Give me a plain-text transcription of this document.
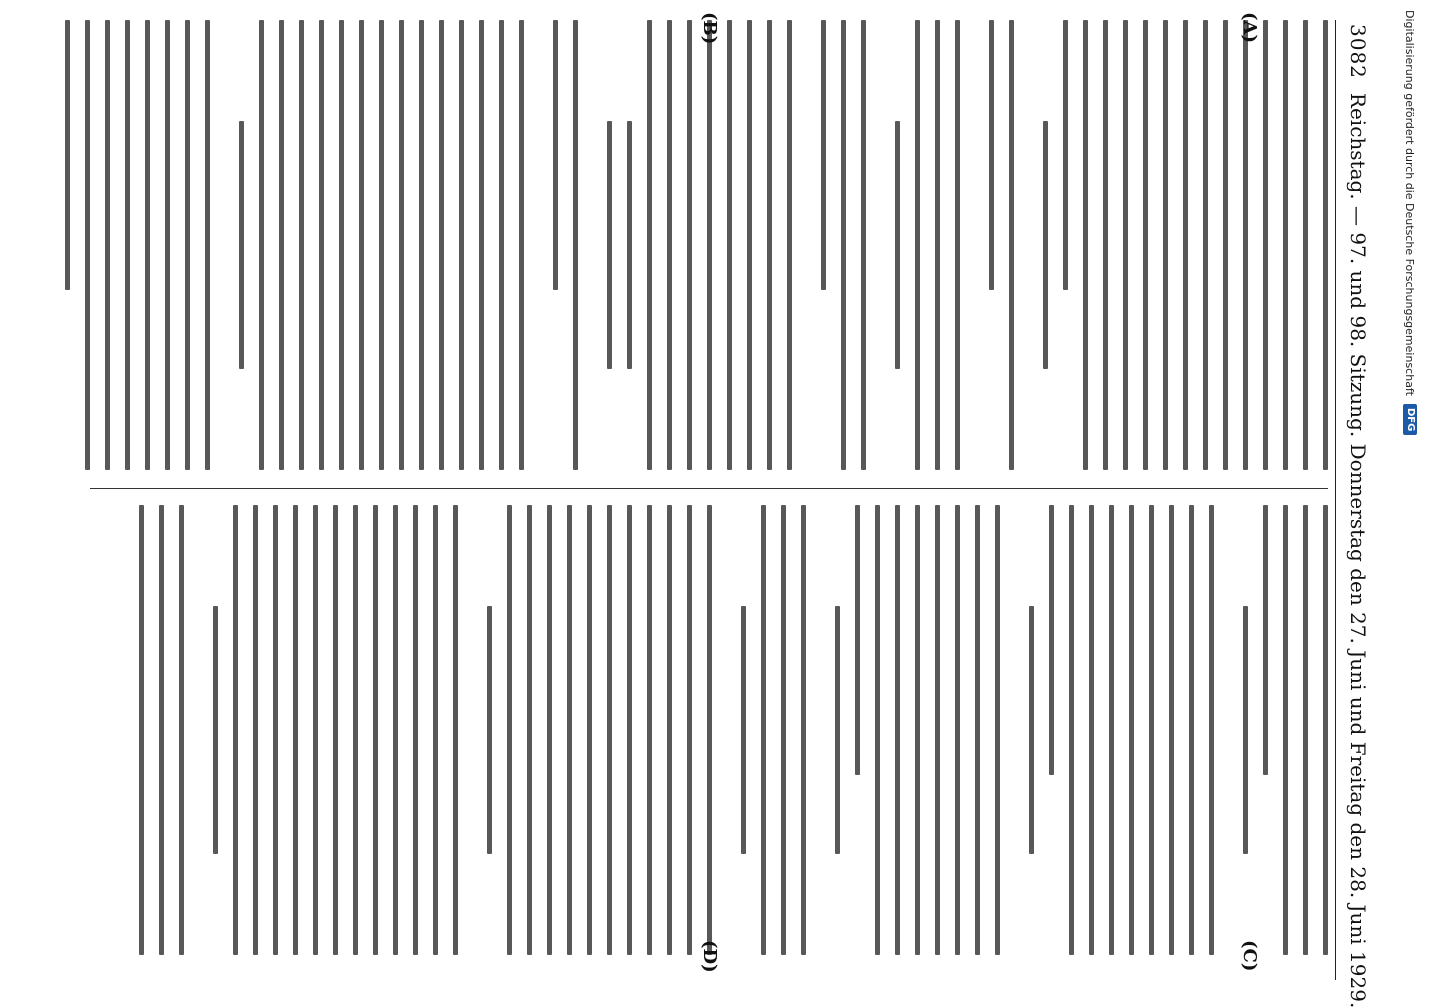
3082
Reichstag. — 97. und 98. Sitzung. Donnerstag den 27. Juni und Freitag den 28. Juni 1929.
(A)
(B)
(C)
(D)
Digitalisierung gefördert durch die Deutsche Forschungsgemeinschaft
DFG
